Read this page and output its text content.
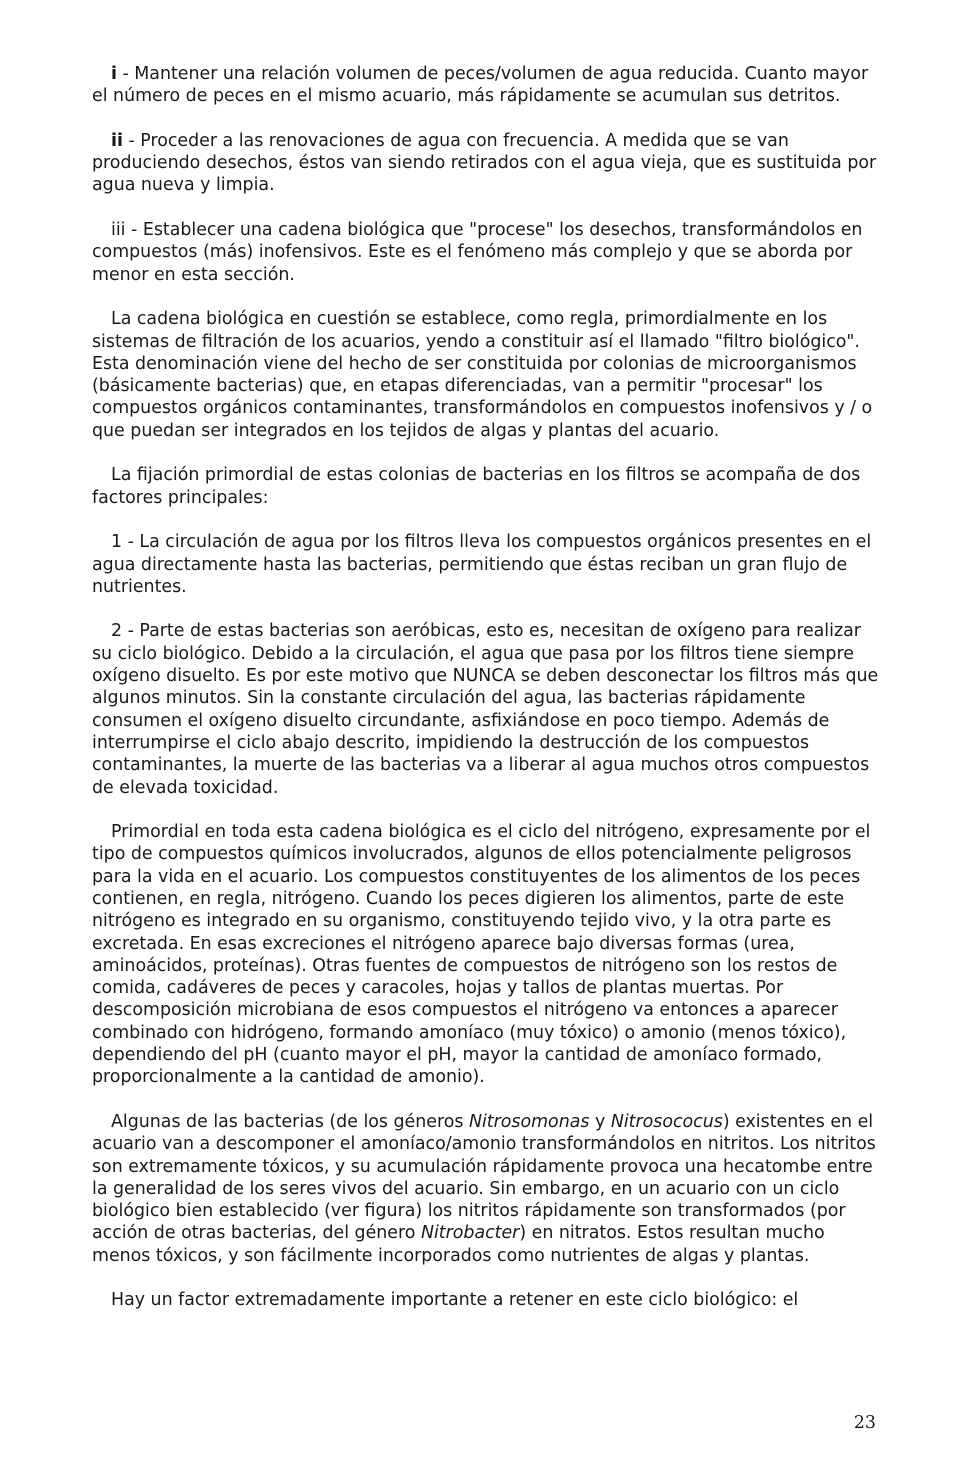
i - Mantener una relación volumen de peces/volumen de agua reducida. Cuanto mayor el número de peces en el mismo acuario, más rápidamente se acumulan sus detritos.

ii - Proceder a las renovaciones de agua con frecuencia. A medida que se van produciendo desechos, éstos van siendo retirados con el agua vieja, que es sustituida por agua nueva y limpia.

iii - Establecer una cadena biológica que "procese" los desechos, transformándolos en compuestos (más) inofensivos. Este es el fenómeno más complejo y que se aborda por menor en esta sección.

La cadena biológica en cuestión se establece, como regla, primordialmente en los sistemas de filtración de los acuarios, yendo a constituir así el llamado "filtro biológico". Esta denominación viene del hecho de ser constituida por colonias de microorganismos (básicamente bacterias) que, en etapas diferenciadas, van a permitir "procesar" los compuestos orgánicos contaminantes, transformándolos en compuestos inofensivos y / o que puedan ser integrados en los tejidos de algas y plantas del acuario.

La fijación primordial de estas colonias de bacterias en los filtros se acompaña de dos factores principales:

1 - La circulación de agua por los filtros lleva los compuestos orgánicos presentes en el agua directamente hasta las bacterias, permitiendo que éstas reciban un gran flujo de nutrientes.

2 - Parte de estas bacterias son aeróbicas, esto es, necesitan de oxígeno para realizar su ciclo biológico. Debido a la circulación, el agua que pasa por los filtros tiene siempre oxígeno disuelto. Es por este motivo que NUNCA se deben desconectar los filtros más que algunos minutos. Sin la constante circulación del agua, las bacterias rápidamente consumen el oxígeno disuelto circundante, asfixiándose en poco tiempo. Además de interrumpirse el ciclo abajo descrito, impidiendo la destrucción de los compuestos contaminantes, la muerte de las bacterias va a liberar al agua muchos otros compuestos de elevada toxicidad.

Primordial en toda esta cadena biológica es el ciclo del nitrógeno, expresamente por el tipo de compuestos químicos involucrados, algunos de ellos potencialmente peligrosos para la vida en el acuario. Los compuestos constituyentes de los alimentos de los peces contienen, en regla, nitrógeno. Cuando los peces digieren los alimentos, parte de este nitrógeno es integrado en su organismo, constituyendo tejido vivo, y la otra parte es excretada. En esas excreciones el nitrógeno aparece bajo diversas formas (urea, aminoácidos, proteínas). Otras fuentes de compuestos de nitrógeno son los restos de comida, cadáveres de peces y caracoles, hojas y tallos de plantas muertas. Por descomposición microbiana de esos compuestos el nitrógeno va entonces a aparecer combinado con hidrógeno, formando amoníaco (muy tóxico) o amonio (menos tóxico), dependiendo del pH (cuanto mayor el pH, mayor la cantidad de amoníaco formado, proporcionalmente a la cantidad de amonio).

Algunas de las bacterias (de los géneros Nitrosomonas y Nitrosococus) existentes en el acuario van a descomponer el amoníaco/amonio transformándolos en nitritos. Los nitritos son extremamente tóxicos, y su acumulación rápidamente provoca una hecatombe entre la generalidad de los seres vivos del acuario. Sin embargo, en un acuario con un ciclo biológico bien establecido (ver figura) los nitritos rápidamente son transformados (por acción de otras bacterias, del género Nitrobacter) en nitratos. Estos resultan mucho menos tóxicos, y son fácilmente incorporados como nutrientes de algas y plantas.

Hay un factor extremadamente importante a retener en este ciclo biológico: el

23
